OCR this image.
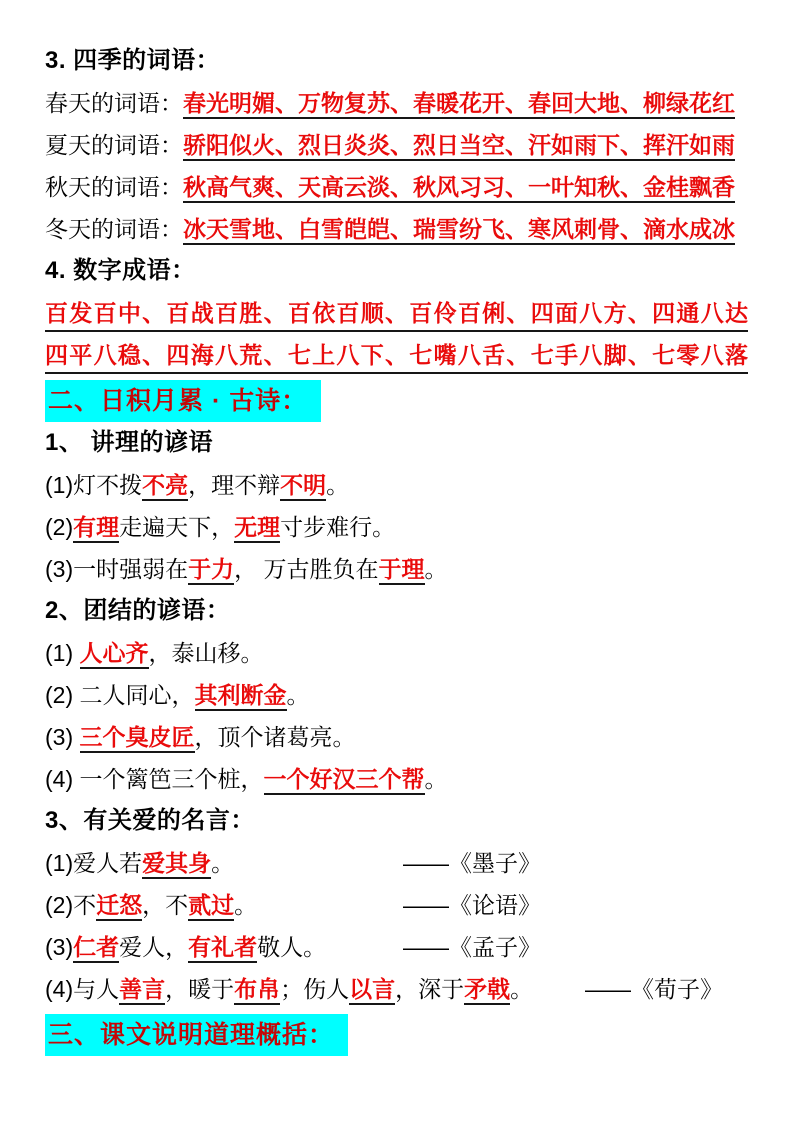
3. 四季的词语：
春天的词语：春光明媚、万物复苏、春暖花开、春回大地、柳绿花红
夏天的词语：骄阳似火、烈日炎炎、烈日当空、汗如雨下、挥汗如雨
秋天的词语：秋高气爽、天高云淡、秋风习习、一叶知秋、金桂飘香
冬天的词语：冰天雪地、白雪皑皑、瑞雪纷飞、寒风刺骨、滴水成冰
4. 数字成语：
百发百中、百战百胜、百依百顺、百伶百俐、四面八方、四通八达
四平八稳、四海八荒、七上八下、七嘴八舌、七手八脚、七零八落
二、日积月累 · 古诗：
1、 讲理的谚语
(1)灯不拨不亮，理不辩不明。
(2)有理走遍天下，无理寸步难行。
(3)一时强弱在于力， 万古胜负在于理。
2、团结的谚语：
(1) 人心齐，泰山移。
(2) 二人同心，其利断金。
(3) 三个臭皮匠，顶个诸葛亮。
(4) 一个篱笆三个桩，一个好汉三个帮。
3、有关爱的名言：
(1)爱人若爱其身。	——《墨子》
(2)不迁怒，不贰过。	——《论语》
(3)仁者爱人，有礼者敬人。	——《孟子》
(4)与人善言，暖于布帛；伤人以言，深于矛戟。 ——《荀子》
三、课文说明道理概括：
